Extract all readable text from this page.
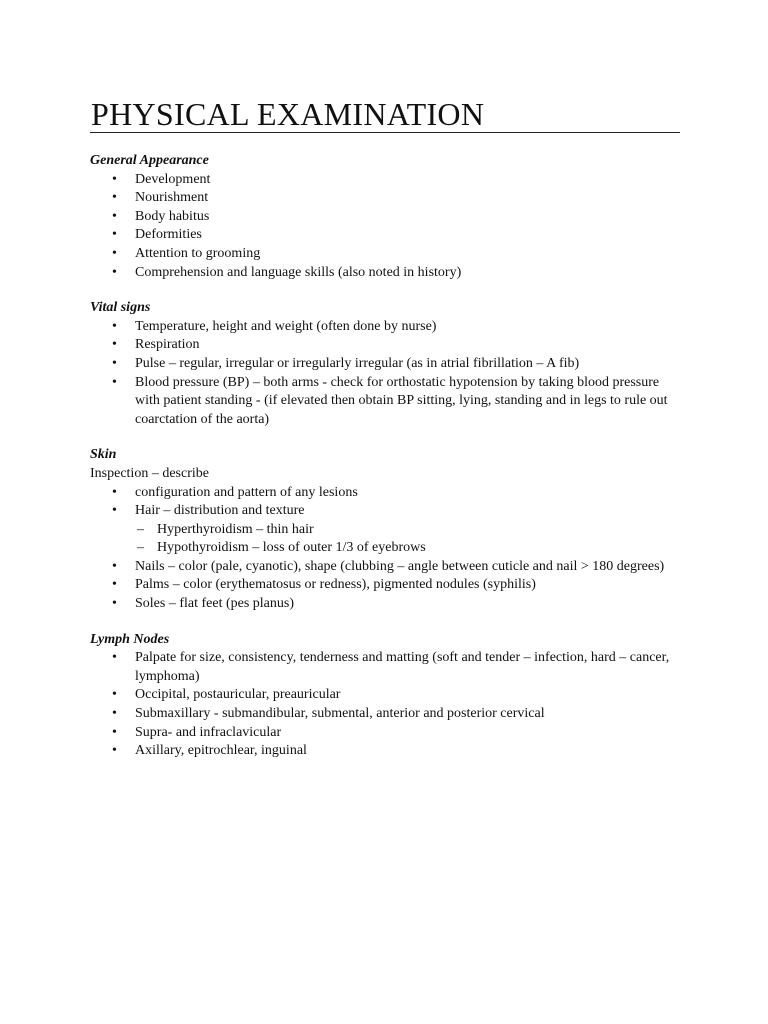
PHYSICAL EXAMINATION

General Appearance

• Development
• Nourishment
• Body habitus
• Deformities
• Attention to grooming
• Comprehension and language skills (also noted in history)

Vital signs

• Temperature, height and weight (often done by nurse)
• Respiration
• Pulse – regular, irregular or irregularly irregular (as in atrial fibrillation – A fib)
• Blood pressure (BP) – both arms - check for orthostatic hypotension by taking blood pressure with patient standing - (if elevated then obtain BP sitting, lying, standing and in legs to rule out coarctation of the aorta)

Skin

Inspection – describe

• configuration and pattern of any lesions
• Hair – distribution and texture
– Hyperthyroidism – thin hair
– Hypothyroidism – loss of outer 1/3 of eyebrows
• Nails – color (pale, cyanotic), shape (clubbing – angle between cuticle and nail > 180 degrees)
• Palms – color (erythematosus or redness), pigmented nodules (syphilis)
• Soles – flat feet (pes planus)

Lymph Nodes

• Palpate for size, consistency, tenderness and matting (soft and tender – infection, hard – cancer, lymphoma)
• Occipital, postauricular, preauricular
• Submaxillary - submandibular, submental, anterior and posterior cervical
• Supra- and infraclavicular
• Axillary, epitrochlear, inguinal
